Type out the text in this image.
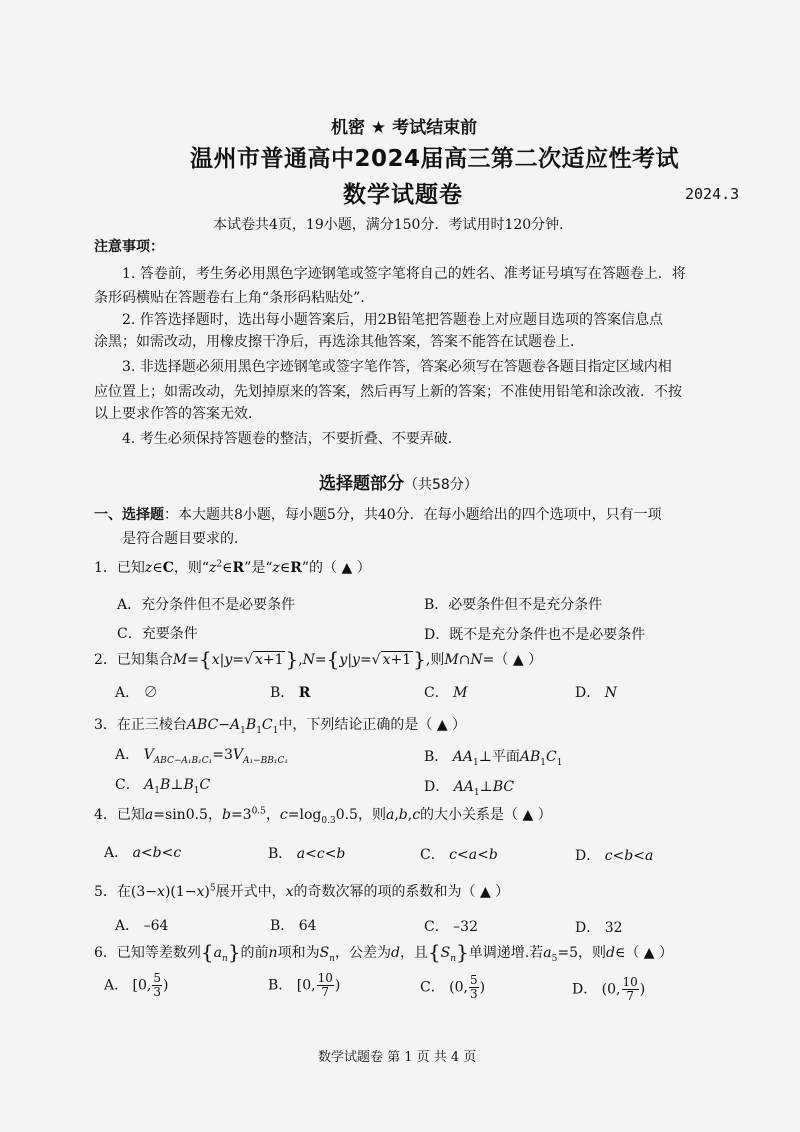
机密 ★ 考试结束前
温州市普通高中2024届高三第二次适应性考试
数学试题卷	2024.3
本试卷共4页，19小题，满分150分．考试用时120分钟．
注意事项：
1. 答卷前，考生务必用黑色字迹钢笔或签字笔将自己的姓名、准考证号填写在答题卷上．将
条形码横贴在答题卷右上角“条形码粘贴处”．
2. 作答选择题时，选出每小题答案后，用2B铅笔把答题卷上对应题目选项的答案信息点
涂黑；如需改动，用橡皮擦干净后，再选涂其他答案，答案不能答在试题卷上．
3. 非选择题必须用黑色字迹钢笔或签字笔作答，答案必须写在答题卷各题目指定区域内相
应位置上；如需改动，先划掉原来的答案，然后再写上新的答案；不准使用铅笔和涂改液．不按
以上要求作答的答案无效．
4. 考生必须保持答题卷的整洁，不要折叠、不要弄破．
选择题部分（共58分）
一、选择题：本大题共8小题，每小题5分，共40分．在每小题给出的四个选项中，只有一项
是符合题目要求的．
1．已知z∈C，则“$z^2\in R$”是“z∈R”的（ ▲ ）
A．充分条件但不是必要条件	B．必要条件但不是充分条件
C．充要条件	D．既不是充分条件也不是必要条件
2．已知集合M={x|y=√ x+1 },N={y|y=√ x+1 },则M∩N=（ ▲ ）
A． ∅	B． R	C． M	D． N
3．在正三棱台$ABC-A_1B_1C_1$中，下列结论正确的是（ ▲ ）
A． $V_{ABC-A_1B_1C_1}=3V_{A_1-BB_1C_1}$	B． $AA_1\perp$平面$AB_1C_1$
C． $A_1B\perp B_1C$	D． $AA_1\perp BC$
4．已知a=sin0.5，$b=3^{0.5}$，$c=\log_{0.3}0.5$，则a,b,c的大小关系是（ ▲ ）
A． a<b<c	B． a<c<b	C． c<a<b	D． c<b<a
5．在$(3-x)(1-x)^5$展开式中，x的奇数次幂的项的系数和为（ ▲ ）
A． –64	B． 64	C． –32	D． 32
6．已知等差数列$\{a_n\}$的前n项和为$S_n$，公差为d，且$\{S_n\}$单调递增.若$a_5=5$，则d∈（ ▲ ）
A． [0, $\frac{5}{3}$ )	B． [0, $\frac{10}{7}$ )	C． (0, $\frac{5}{3}$ )	D． (0, $\frac{10}{7}$ )
数学试题卷 第 1 页 共 4 页
